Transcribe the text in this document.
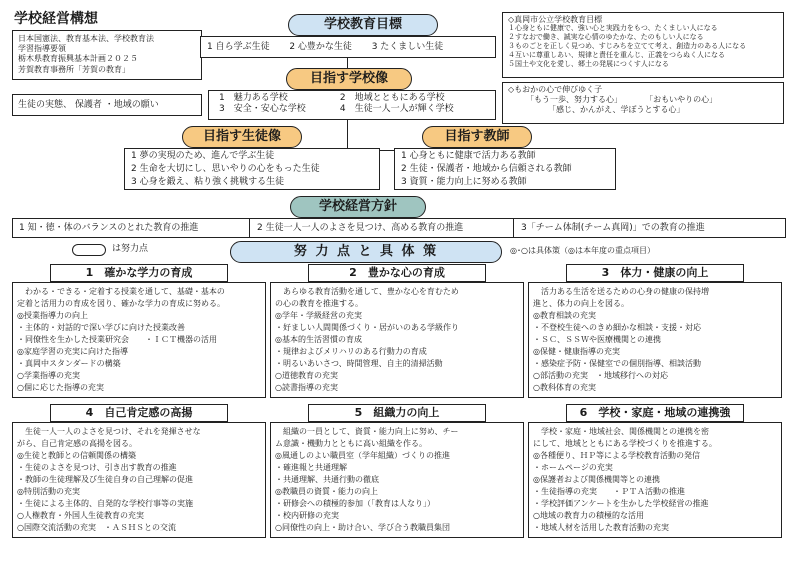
学校経営構想
日本国憲法、教育基本法、学校教育法
学習指導要領
栃木県教育振興基本計画２０２５
芳賀教育事務所「芳賀の教育」
生徒の実態、 保護者 ・地域の願い
学校教育目標
1 自ら学ぶ生徒 2 心豊かな生徒 3 たくましい生徒
◇真岡市公立学校教育目標
１心身ともに健康で、強い心と実践力をもつ、たくましい人になる
２すなおで働き、誠実な心情のゆたかな、たのもしい人になる
３ものごとを正しく見つめ、すじみちを立てて考え、創造力のある人になる
４互いに尊重しあい、規律と責任を重んじ、正義をつらぬく人になる
５国土や文化を愛し、郷土の発展につくす人になる
◇もおかの心で伸びゆく子
「もう一歩、努力する心」	「おもいやりの心」
「感じ、かんがえ、学ぼうとする心」
目指す学校像
1　魅力ある学校	2　地域とともにある学校
3　安全・安心な学校	4　生徒一人一人が輝く学校
目指す生徒像
1 夢の実現のため、進んで学ぶ生徒
2 生命を大切にし、思いやりの心をもった生徒
3 心身を鍛え、粘り強く挑戦する生徒
目指す教師
1 心身ともに健康で活力ある教師
2 生徒・保護者・地域から信頼される教師
3 資質・能力向上に努める教師
学校経営方針
1 知・徳・体のバランスのとれた教育の推進	2 生徒一人一人のよさを見つけ、高める教育の推進	3「チーム体制(チーム真岡)」での教育の推進
は努力点	努 力 点 と 具 体 策	◎･○は具体策（◎は本年度の重点項目）
1　確かな学力の育成
　わかる・できる・定着する授業を通して、基礎・基本の
定着と活用力の育成を図り、確かな学力の育成に努める。
◎授業指導力の向上
・主体的・対話的で深い学びに向けた授業改善
・同僚性を生かした授業研究会　　・ＩＣＴ機器の活用
◎家庭学習の充実に向けた指導
・真岡中スタンダードの構築
○学業指導の充実
○個に応じた指導の充実
2　豊かな心の育成
　あらゆる教育活動を通して、豊かな心を育むため
の心の教育を推進する。
◎学年・学級経営の充実
・好ましい人間関係づくり・居がいのある学級作り
◎基本的生活習慣の育成
・規律およびメリハリのある行動力の育成
・明るいあいさつ、時間管理、自主的清掃活動
○道徳教育の充実
○読書指導の充実
3　体力・健康の向上
　活力ある生活を送るための心身の健康の保持増
進と、体力の向上を図る。
◎教育相談の充実
・不登校生徒へのきめ細かな相談・支援・対応
・ＳＣ、ＳＳＷや医療機関との連携
◎保健・健康指導の充実
・感染症予防・保健室での個別指導、相談活動
○部活動の充実　・地域移行への対応
○教科体育の充実
4　自己肯定感の高揚
　生徒一人一人のよさを見つけ、それを発揮させな
がら、自己肯定感の高揚を図る。
◎生徒と教師との信頼関係の構築
・生徒のよさを見つけ、引き出す教育の推進
・教師の生徒理解及び生徒自身の自己理解の促進
◎特別活動の充実
・生徒による主体的、自発的な学校行事等の実施
○人権教育・外国人生徒教育の充実
○国際交流活動の充実　・ＡＳＨＳとの交流
5　組織力の向上
　組織の一員として、資質・能力向上に努め、チー
ム意識・機動力とともに高い組織を作る。
◎風通しのよい職員室（学年組織）づくりの推進
・確進報と共通理解
・共通理解、共通行動の徹底
◎教職員の資質・能力の向上
・研修会への積極的参加（「教育は人なり」）
・校内研修の充実
○同僚性の向上・助け合い、学び合う教職員集団
6　学校・家庭・地域の連携強
　学校・家庭・地域社会、関係機関との連携を密
にして、地域とともにある学校づくりを推進する。
◎各種便り、ＨＰ等による学校教育活動の発信
・ホームページの充実
◎保護者および関係機関等との連携
・生徒指導の充実　　・ＰＴＡ活動の推進
・学校評価アンケートを生かした学校経営の推進
○地域の教育力の積極的な活用
・地域人材を活用した教育活動の充実
